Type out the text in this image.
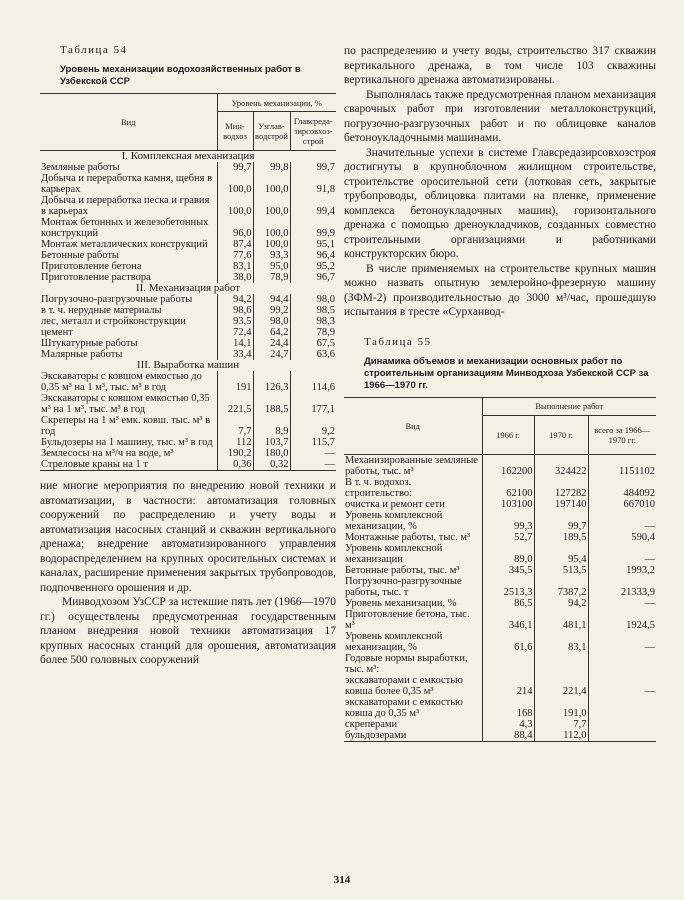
Таблица 54
Уровень механизации водохозяйственных работ в Узбекской ССР
Вид	Уровень механизации, %		
	Мин-водхоз	Узглав-водстрой	Главсреда-зирсовхоз-строй
I. Комплексная механизация			
Земляные работы	99,7	99,8	99,7
Добыча и переработка камня, щебня в карьерах	100,0	100,0	91,8
Добыча и переработка песка и гравия в карьерах	100,0	100,0	99,4
Монтаж бетонных и железобетонных конструкций	96,0	100,0	99,9
Монтаж металлических конструкций	87,4	100,0	95,1
Бетонные работы	77,6	93,3	96,4
Приготовление бетона	83,1	95,0	95,2
Приготовление раствора	38,0	78,9	96,7
II. Механизация работ			
Погрузочно-разгрузочные работы	94,2	94,4	98,0
в т. ч. нерудные материалы	98,6	99,2	98,5
лес, металл и стройконструкции	93,5	98,0	98,3
цемент	72,4	64,2	78,9
Штукатурные работы	14,1	24,4	67,5
Малярные работы	33,4	24,7	63,6
III. Выработка машин			
Экскаваторы с ковшом емкостью до 0,35 м³ на 1 м³, тыс. м³ в год	191	126,3	114,6
Экскаваторы с ковшом емкостью 0,35 м³ на 1 м³, тыс. м³ в год	221,5	188,5	177,1
Скреперы на 1 м³ емк. ковш. тыс. м³ в год	7,7	8,9	9,2
Бульдозеры на 1 машину, тыс. м³ в год	112	103,7	115,7
Землесосы на м³/ч на воде, м³	190,2	180,0	—
Стреловые краны на 1 т	0,36	0,32	—

ние многие мероприятия по внедрению новой техники и автоматизации, в частности: автоматизация головных сооружений по распределению и учету воды и автоматизация насосных станций и скважин вертикального дренажа; внедрение автоматизированного управления водораспределением на крупных оросительных системах и каналах, расширение применения закрытых трубопроводов, подпочвенного орошения и др.

Минводхозом УзССР за истекшие пять лет (1966—1970 гг.) осуществлены предусмотренная государственным планом внедрения новой техники автоматизация 17 крупных насосных станций для орошения, автоматизация более 500 головных сооружений

по распределению и учету воды, строительство 317 скважин вертикального дренажа, в том числе 103 скважины вертикального дренажа автоматизированы.

Выполнялась также предусмотренная планом механизация сварочных работ при изготовлении металлоконструкций, погрузочно-разгрузочных работ и по облицовке каналов бетоноукладочными машинами.

Значительные успехи в системе Главсредазирсовхозстроя достигнуты в крупноблочном жилищном строительстве, строительстве оросительной сети (лотковая сеть, закрытые трубопроводы, облицовка плитами на пленке, применение комплекса бетоноукладочных машин), горизонтального дренажа с помощью дреноукладчиков, созданных совместно строительными организациями и работниками конструкторских бюро.

В числе применяемых на строительстве крупных машин можно назвать опытную землеройно-фрезерную машину (ЗФМ-2) производительностью до 3000 м³/час, прошедшую испытания в тресте «Сурханвод-

Таблица 55
Динамика объемов и механизации основных работ по строительным организациям Минводхоза Узбекской ССР за 1966—1970 гг.
Вид	Выполнение работ		
	1966 г.	1970 г.	всего за 1966—1970 гг.
Механизированные земляные работы, тыс. м³	162200	324422	1151102
В т. ч. водохоз. строительство:	62100	127282	484092
очистка и ремонт сети	103100	197140	667010
Уровень комплексной механизации, %	99,3	99,7	—
Монтажные работы, тыс. м³	52,7	189,5	590,4
Уровень комплексной механизации	89,0	95,4	—
Бетонные работы, тыс. м³	345,5	513,5	1993,2
Погрузочно-разгрузочные работы, тыс. т	2513,3	7387,2	21333,9
Уровень механизации, %	86,5	94,2	—
Приготовление бетона, тыс. м³	346,1	481,1	1924,5
Уровень комплексной механизации, %	61,6	83,1	—
Годовые нормы выработки, тыс. м³:			
экскаваторами с емкостью ковша более 0,35 м³	214	221,4	—
экскаваторами с емкостью ковша до 0,35 м³	168	191,0	
скреперами	4,3	7,7	
бульдозерами	88,4	112,0	
314
